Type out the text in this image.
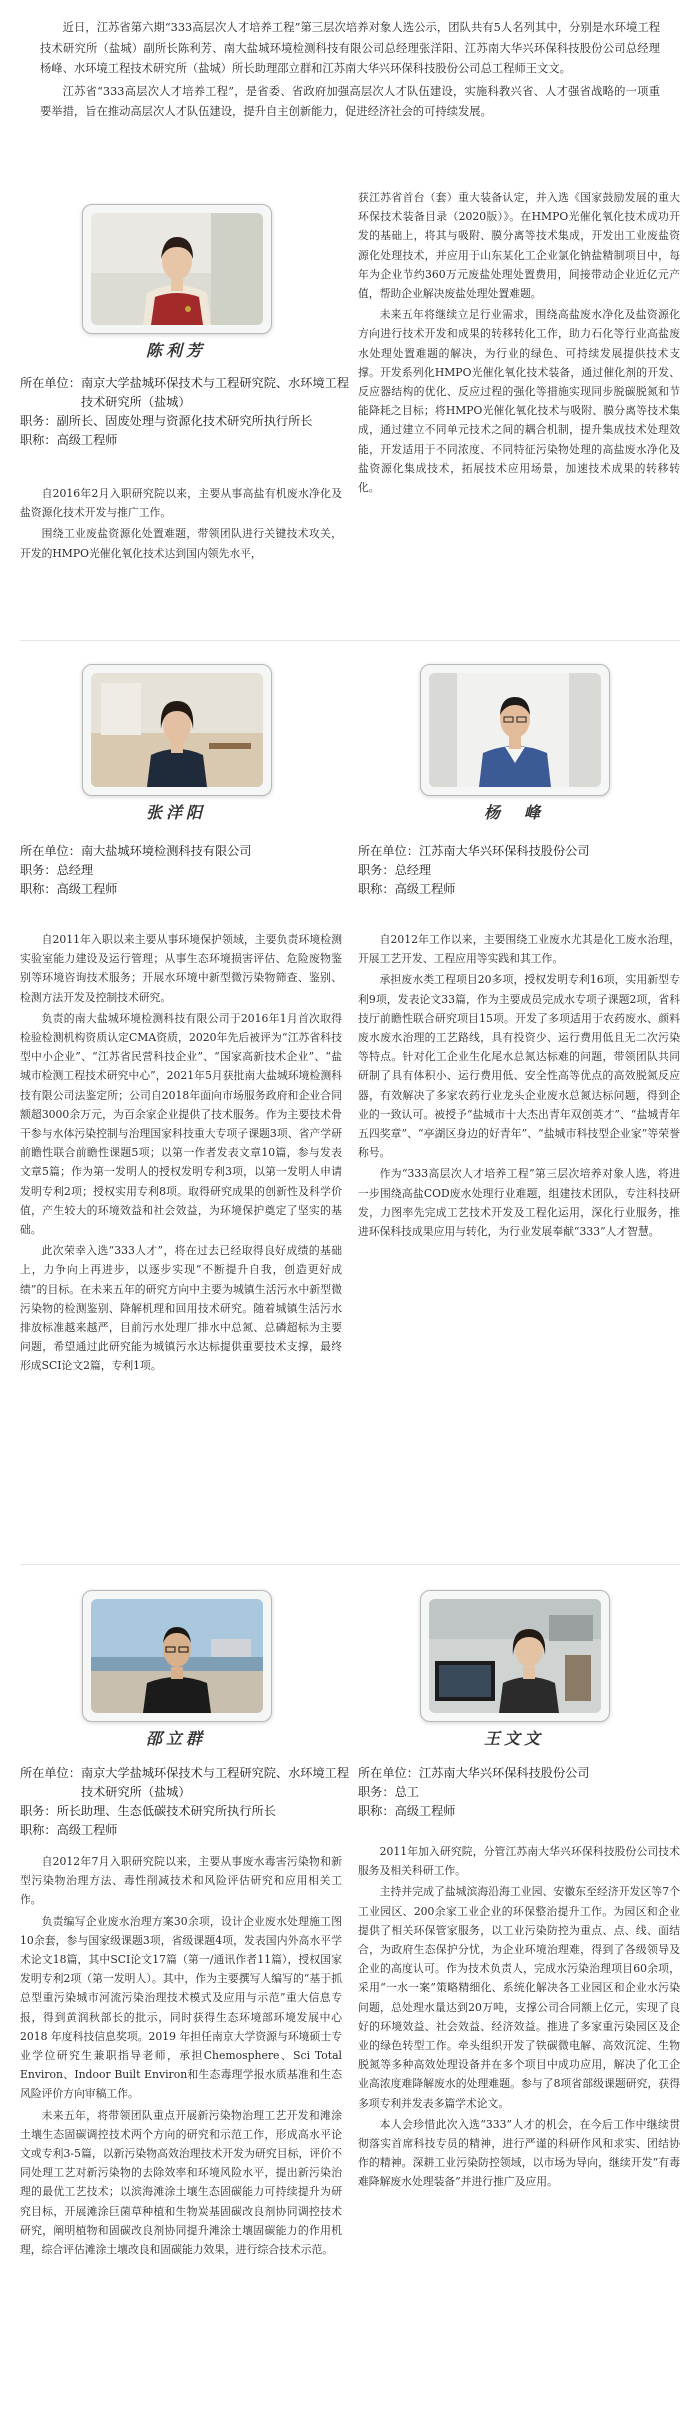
近日，江苏省第六期“333高层次人才培养工程”第三层次培养对象人选公示，团队共有5人名列其中，分别是水环境工程技术研究所（盐城）副所长陈利芳、南大盐城环境检测科技有限公司总经理张洋阳、江苏南大华兴环保科技股份公司总经理杨峰、水环境工程技术研究所（盐城）所长助理邵立群和江苏南大华兴环保科技股份公司总工程师王文文。

江苏省“333高层次人才培养工程”，是省委、省政府加强高层次人才队伍建设，实施科教兴省、人才强省战略的一项重要举措，旨在推动高层次人才队伍建设，提升自主创新能力，促进经济社会的可持续发展。

陈利芳
所在单位： 南京大学盐城环保技术与工程研究院、水环境工程技术研究所（盐城）
职务： 副所长、固废处理与资源化技术研究所执行所长
职称：高级工程师

自2016年2月入职研究院以来，主要从事高盐有机废水净化及盐资源化技术开发与推广工作。

围绕工业废盐资源化处置难题，带领团队进行关键技术攻关，开发的HMPO光催化氧化技术达到国内领先水平，

获江苏省首台（套）重大装备认定，并入选《国家鼓励发展的重大环保技术装备目录（2020版）》。在HMPO光催化氧化技术成功开发的基础上，将其与吸附、膜分离等技术集成，开发出工业废盐资源化处理技术，并应用于山东某化工企业氯化钠盐精制项目中，每年为企业节约360万元废盐处理处置费用，间接带动企业近亿元产值，帮助企业解决废盐处理处置难题。

未来五年将继续立足行业需求，围绕高盐废水净化及盐资源化方向进行技术开发和成果的转移转化工作，助力石化等行业高盐废水处理处置难题的解决，为行业的绿色、可持续发展提供技术支撑。开发系列化HMPO光催化氧化技术装备，通过催化剂的开发、反应器结构的优化、反应过程的强化等措施实现同步脱碳脱氮和节能降耗之目标；将HMPO光催化氧化技术与吸附、膜分离等技术集成，通过建立不同单元技术之间的耦合机制，提升集成技术处理效能，开发适用于不同浓度、不同特征污染物处理的高盐废水净化及盐资源化集成技术，拓展技术应用场景，加速技术成果的转移转化。

张洋阳
所在单位：南大盐城环境检测科技有限公司
职务：总经理
职称：高级工程师

自2011年入职以来主要从事环境保护领域，主要负责环境检测实验室能力建设及运行管理；从事生态环境损害评估、危险废物鉴别等环境咨询技术服务；开展水环境中新型微污染物筛查、鉴别、检测方法开发及控制技术研究。

负责的南大盐城环境检测科技有限公司于2016年1月首次取得检验检测机构资质认定CMA资质，2020年先后被评为“江苏省科技型中小企业”、“江苏省民营科技企业”、“国家高新技术企业”、“盐城市检测工程技术研究中心”，2021年5月获批南大盐城环境检测科技有限公司法鉴定所；公司自2018年面向市场服务政府和企业合同额超3000余万元，为百余家企业提供了技术服务。作为主要技术骨干参与水体污染控制与治理国家科技重大专项子课题3项、省产学研前瞻性联合前瞻性课题5项；以第一作者发表文章10篇，参与发表文章5篇；作为第一发明人的授权发明专利3项，以第一发明人申请发明专利2项；授权实用专利8项。取得研究成果的创新性及科学价值，产生较大的环境效益和社会效益，为环境保护奠定了坚实的基础。

此次荣幸入选“333人才”，将在过去已经取得良好成绩的基础上，力争向上再进步，以逐步实现“不断提升自我，创造更好成绩”的目标。在未来五年的研究方向中主要为城镇生活污水中新型微污染物的检测鉴别、降解机理和回用技术研究。随着城镇生活污水排放标准越来越严，目前污水处理厂排水中总氮、总磷超标为主要问题，希望通过此研究能为城镇污水达标提供重要技术支撑，最终形成SCI论文2篇，专利1项。

杨　峰
所在单位：江苏南大华兴环保科技股份公司
职务：总经理
职称：高级工程师

自2012年工作以来，主要围绕工业废水尤其是化工废水治理，开展工艺开发、工程应用等实践和其工作。

承担废水类工程项目20多项，授权发明专利16项，实用新型专利9项，发表论文33篇，作为主要成员完成水专项子课题2项，省科技厅前瞻性联合研究项目15项。开发了多项适用于农药废水、颜料废水废水治理的工艺路线，具有投资少、运行费用低且无二次污染等特点。针对化工企业生化尾水总氮达标难的问题，带领团队共同研制了具有体积小、运行费用低、安全性高等优点的高效脱氮反应器，有效解决了多家农药行业龙头企业废水总氮达标问题，得到企业的一致认可。被授予“盐城市十大杰出青年双创英才”、“盐城青年五四奖章”、“亭湖区身边的好青年”、“盐城市科技型企业家”等荣誉称号。

作为“333高层次人才培养工程”第三层次培养对象人选，将进一步围绕高盐COD废水处理行业难题，组建技术团队，专注科技研发，力图率先完成工艺技术开发及工程化运用，深化行业服务，推进环保科技成果应用与转化，为行业发展奉献“333”人才智慧。

邵立群
所在单位： 南京大学盐城环保技术与工程研究院、水环境工程技术研究所（盐城）
职务： 所长助理、生态低碳技术研究所执行所长
职称：高级工程师

自2012年7月入职研究院以来，主要从事废水毒害污染物和新型污染物治理方法、毒性削减技术和风险评估研究和应用相关工作。

负责编写企业废水治理方案30余项，设计企业废水处理施工图10余套，参与国家级课题3项，省级课题4项，发表国内外高水平学术论文18篇，其中SCI论文17篇（第一/通讯作者11篇），授权国家发明专利2项（第一发明人）。其中，作为主要撰写人编写的“基于抓总型重污染城市河流污染治理技术模式及应用与示范”重大信息专报，得到黄润秋部长的批示，同时获得生态环境部环境发展中心 2018 年度科技信息奖项。2019 年担任南京大学资源与环境硕士专业学位研究生兼职指导老师，承担Chemosphere、Sci Total Environ、Indoor Built Environ和生态毒理学报水质基准和生态风险评价方向审稿工作。

未来五年，将带领团队重点开展新污染物治理工艺开发和滩涂土壤生态固碳调控技术两个方向的研究和示范工作，形成高水平论文或专利3-5篇，以新污染物高效治理技术开发为研究目标，评价不同处理工艺对新污染物的去除效率和环境风险水平，提出新污染治理的最优工艺技术；以滨海滩涂土壤生态固碳能力可持续提升为研究目标，开展滩涂巨菌草种植和生物炭基固碳改良剂协同调控技术研究，阐明植物和固碳改良剂协同提升滩涂土壤固碳能力的作用机理，综合评估滩涂土壤改良和固碳能力效果，进行综合技术示范。

王文文
所在单位：江苏南大华兴环保科技股份公司
职务：总工
职称：高级工程师

2011年加入研究院，分管江苏南大华兴环保科技股份公司技术服务及相关科研工作。

主持并完成了盐城滨海沿海工业园、安徽东至经济开发区等7个工业园区、200余家工业企业的环保整治提升工作。为园区和企业提供了相关环保管家服务，以工业污染防控为重点、点、线、面结合，为政府生态保护分忧，为企业环境治理难，得到了各级领导及企业的高度认可。作为技术负责人，完成水污染治理项目60余项，采用“一水一案”策略精细化、系统化解决各工业园区和企业水污染问题，总处理水量达到20万吨，支撑公司合同额上亿元，实现了良好的环境效益、社会效益、经济效益。推进了多家重污染园区及企业的绿色转型工作。牵头组织开发了铁碳微电解、高效沉淀、生物脱氮等多种高效处理设备并在多个项目中成功应用，解决了化工企业高浓度难降解废水的处理难题。参与了8项省部级课题研究，获得多项专利并发表多篇学术论文。

本人会珍惜此次入选“333”人才的机会，在今后工作中继续贯彻落实首席科技专员的精神，进行严谨的科研作风和求实、团结协作的精神。深耕工业污染防控领域，以市场为导向，继续开发“有毒难降解废水处理装备”并进行推广及应用。
